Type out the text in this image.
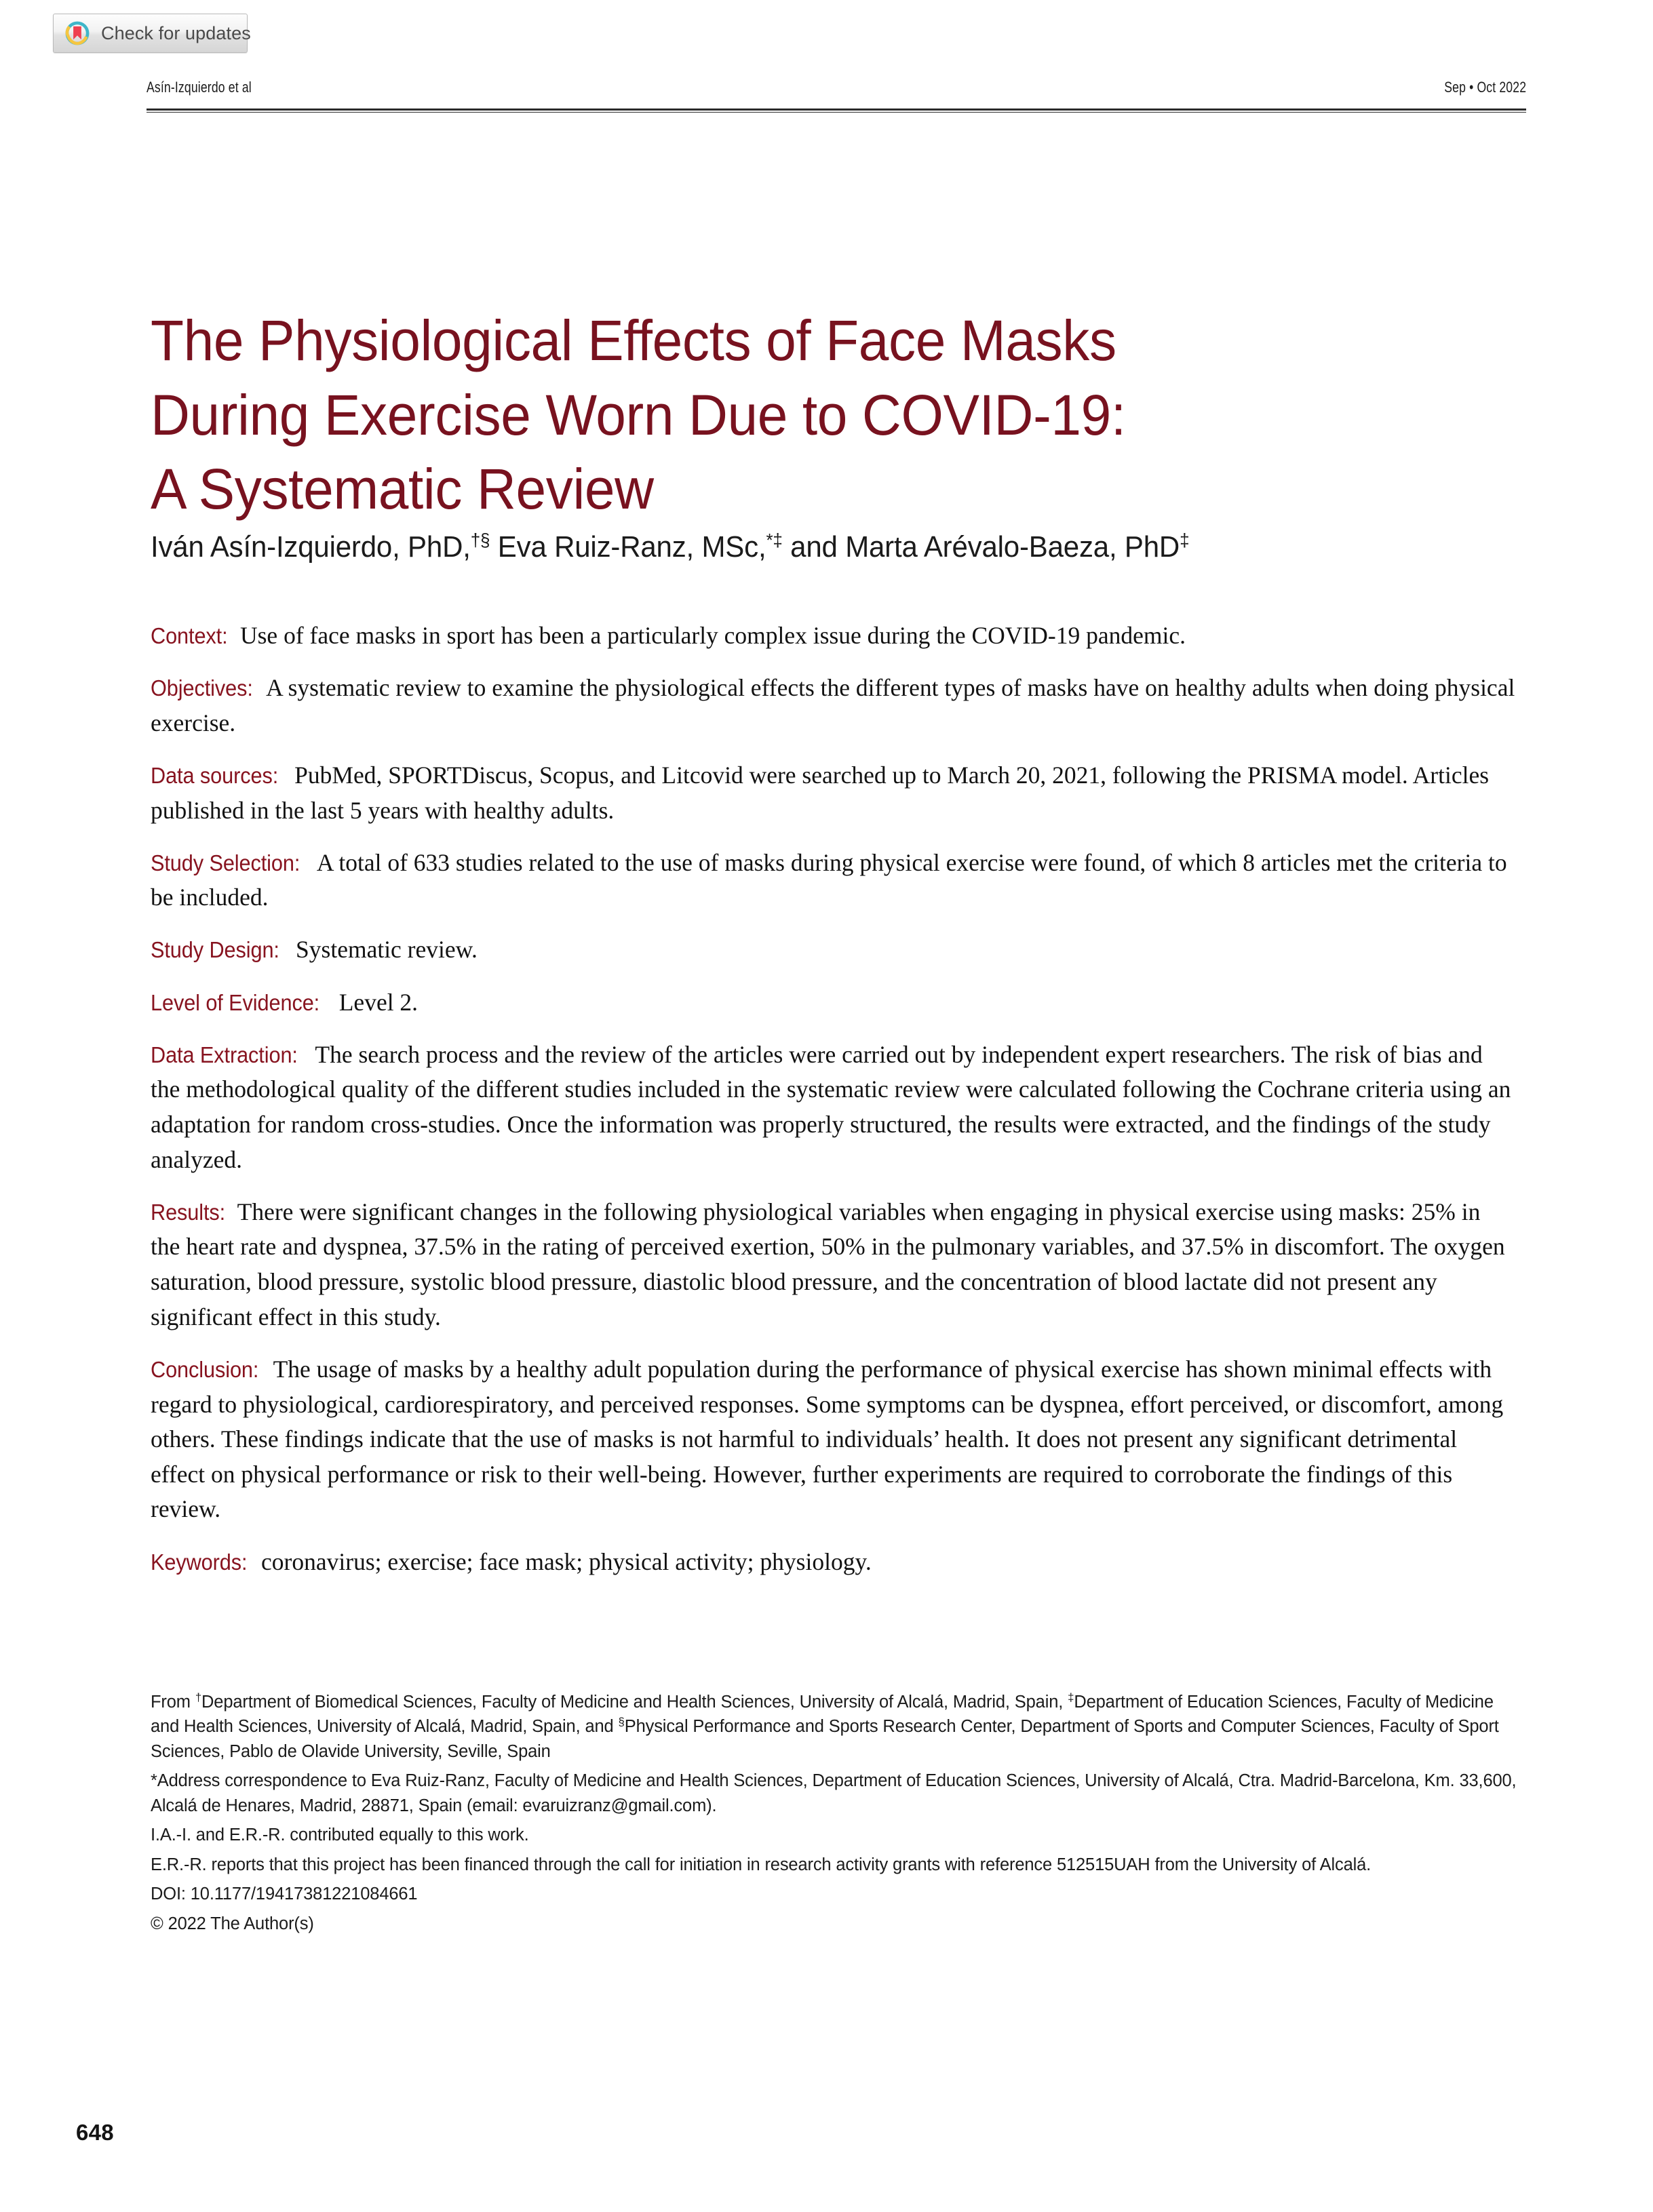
Check for updates
Asín-Izquierdo et al	Sep • Oct 2022
The Physiological Effects of Face Masks
During Exercise Worn Due to COVID-19:
A Systematic Review
Iván Asín-Izquierdo, PhD,†§ Eva Ruiz-Ranz, MSc,*‡ and Marta Arévalo-Baeza, PhD‡

Context: Use of face masks in sport has been a particularly complex issue during the COVID-19 pandemic.

Objectives: A systematic review to examine the physiological effects the different types of masks have on healthy adults when doing physical exercise.

Data sources: PubMed, SPORTDiscus, Scopus, and Litcovid were searched up to March 20, 2021, following the PRISMA model. Articles published in the last 5 years with healthy adults.

Study Selection: A total of 633 studies related to the use of masks during physical exercise were found, of which 8 articles met the criteria to be included.

Study Design: Systematic review.

Level of Evidence: Level 2.

Data Extraction: The search process and the review of the articles were carried out by independent expert researchers. The risk of bias and the methodological quality of the different studies included in the systematic review were calculated following the Cochrane criteria using an adaptation for random cross-studies. Once the information was properly structured, the results were extracted, and the findings of the study analyzed.

Results: There were significant changes in the following physiological variables when engaging in physical exercise using masks: 25% in the heart rate and dyspnea, 37.5% in the rating of perceived exertion, 50% in the pulmonary variables, and 37.5% in discomfort. The oxygen saturation, blood pressure, systolic blood pressure, diastolic blood pressure, and the concentration of blood lactate did not present any significant effect in this study.

Conclusion: The usage of masks by a healthy adult population during the performance of physical exercise has shown minimal effects with regard to physiological, cardiorespiratory, and perceived responses. Some symptoms can be dyspnea, effort perceived, or discomfort, among others. These findings indicate that the use of masks is not harmful to individuals’ health. It does not present any significant detrimental effect on physical performance or risk to their well-being. However, further experiments are required to corroborate the findings of this review.

Keywords: coronavirus; exercise; face mask; physical activity; physiology.

From †Department of Biomedical Sciences, Faculty of Medicine and Health Sciences, University of Alcalá, Madrid, Spain, ‡Department of Education Sciences, Faculty of Medicine and Health Sciences, University of Alcalá, Madrid, Spain, and §Physical Performance and Sports Research Center, Department of Sports and Computer Sciences, Faculty of Sport Sciences, Pablo de Olavide University, Seville, Spain

*Address correspondence to Eva Ruiz-Ranz, Faculty of Medicine and Health Sciences, Department of Education Sciences, University of Alcalá, Ctra. Madrid-Barcelona, Km. 33,600, Alcalá de Henares, Madrid, 28871, Spain (email: evaruizranz@gmail.com).

I.A.-I. and E.R.-R. contributed equally to this work.

E.R.-R. reports that this project has been financed through the call for initiation in research activity grants with reference 512515UAH from the University of Alcalá.

DOI: 10.1177/19417381221084661

© 2022 The Author(s)

648
